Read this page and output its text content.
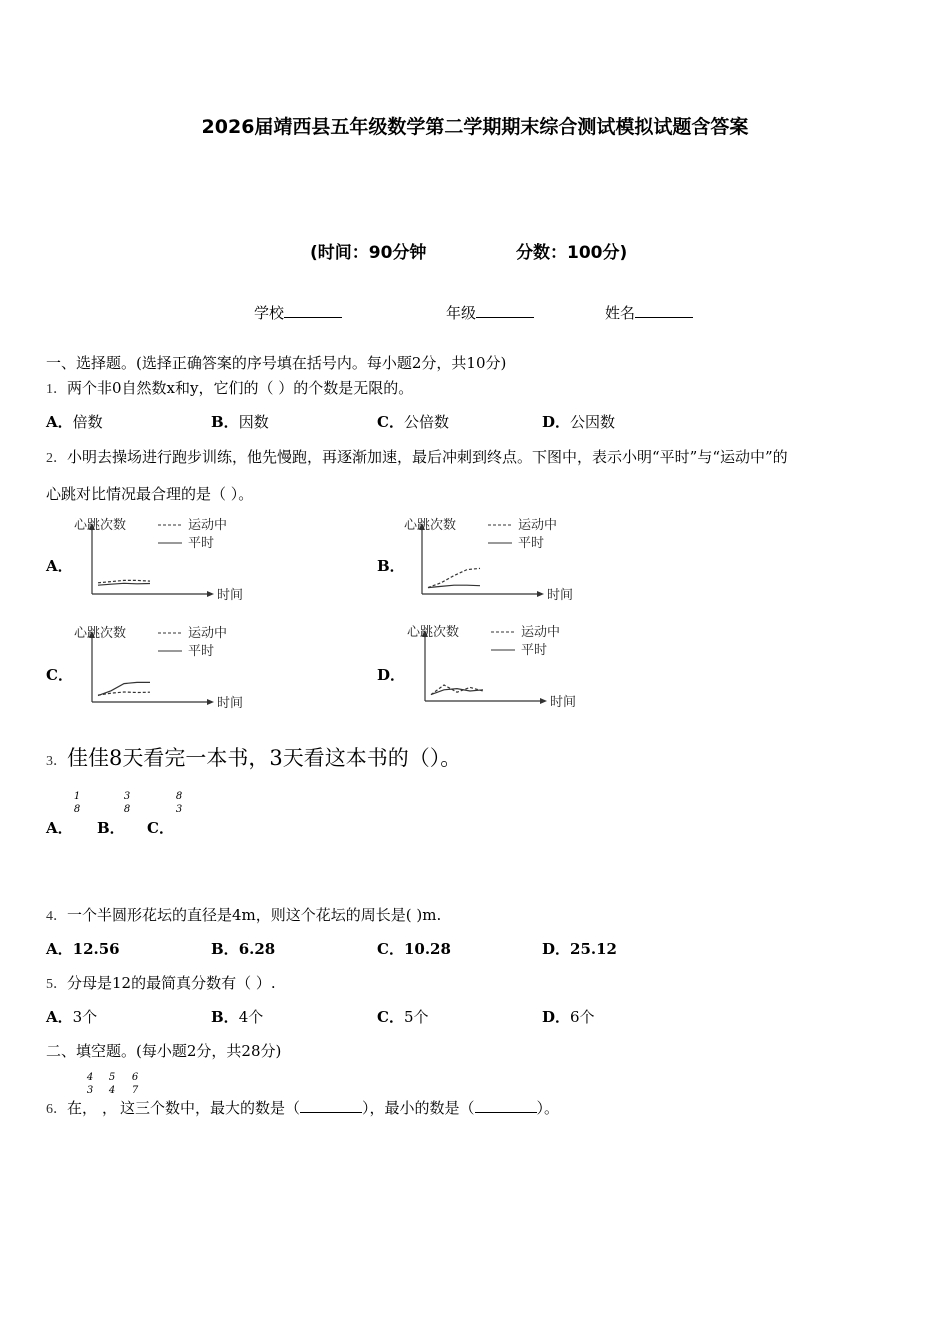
2026届靖西县五年级数学第二学期期末综合测试模拟试题含答案
(时间：90分钟	分数：100分)
学校	年级	姓名
一、选择题。(选择正确答案的序号填在括号内。每小题2分，共10分)
1．两个非0自然数x和y，它们的（ ）的个数是无限的。
A．倍数	B．因数	C．公倍数	D．公因数
2．小明去操场进行跑步训练，他先慢跑，再逐渐加速，最后冲刺到终点。下图中，表示小明“平时”与“运动中”的
心跳对比情况最合理的是（ ）。
A．	B．
C．	D．
心跳次数
时间
运动中
平时
心跳次数
时间
运动中
平时
心跳次数
时间
运动中
平时
心跳次数
时间
运动中
平时
3．佳佳8天看完一本书，3天看这本书的（）。
A．
1
8
B．
3
8
C．
8
3
4．一个半圆形花坛的直径是4m，则这个花坛的周长是( )m.
A．12.56	B．6.28	C．10.28	D．25.12
5．分母是12的最简真分数有（ ）.
A．3个	B．4个	C．5个	D．6个
二、填空题。(每小题2分，共28分)
4
3
5
4
6
7
6．在， ， 这三个数中，最大的数是（	），最小的数是（	）。
